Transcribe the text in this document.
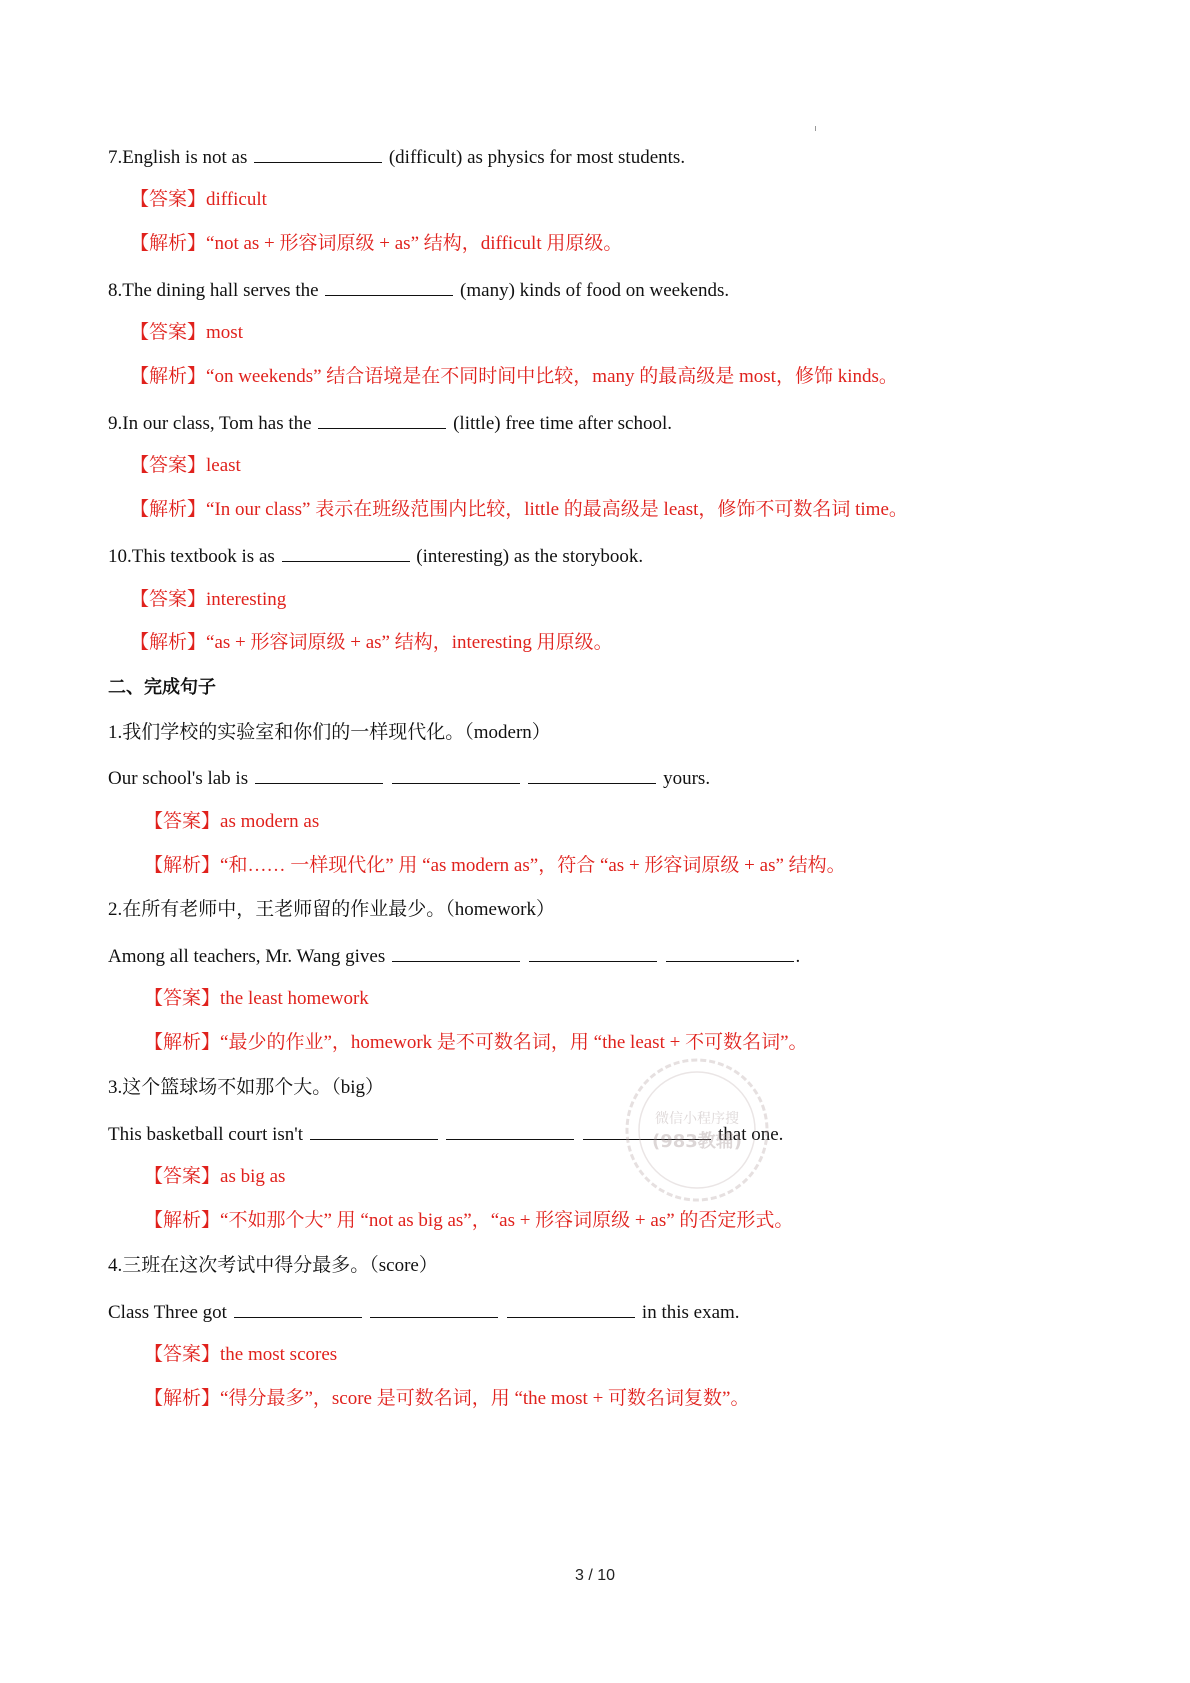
7.English is not as	(difficult) as physics for most students.
【答案】difficult
【解析】“not as + 形容词原级 + as” 结构，difficult 用原级。
8.The dining hall serves the	(many) kinds of food on weekends.
【答案】most
【解析】“on weekends” 结合语境是在不同时间中比较，many 的最高级是 most，修饰 kinds。
9.In our class, Tom has the	(little) free time after school.
【答案】least
【解析】“In our class” 表示在班级范围内比较，little 的最高级是 least，修饰不可数名词 time。
10.This textbook is as	(interesting) as the storybook.
【答案】interesting
【解析】“as + 形容词原级 + as” 结构，interesting 用原级。
二、完成句子
1.我们学校的实验室和你们的一样现代化。（modern）
Our school's lab is	yours.
【答案】as modern as
【解析】“和…… 一样现代化” 用 “as modern as”，符合 “as + 形容词原级 + as” 结构。
2.在所有老师中，王老师留的作业最少。（homework）
Among all teachers, Mr. Wang gives	.
【答案】the least homework
【解析】“最少的作业”，homework 是不可数名词，用 “the least + 不可数名词”。
3.这个篮球场不如那个大。（big）
This basketball court isn't	that one.
【答案】as big as
【解析】“不如那个大” 用 “not as big as”，“as + 形容词原级 + as” 的否定形式。
4.三班在这次考试中得分最多。（score）
Class Three got	in this exam.
【答案】the most scores
【解析】“得分最多”，score 是可数名词，用 “the most + 可数名词复数”。
微信小程序搜
(983教辅)
3 / 10
